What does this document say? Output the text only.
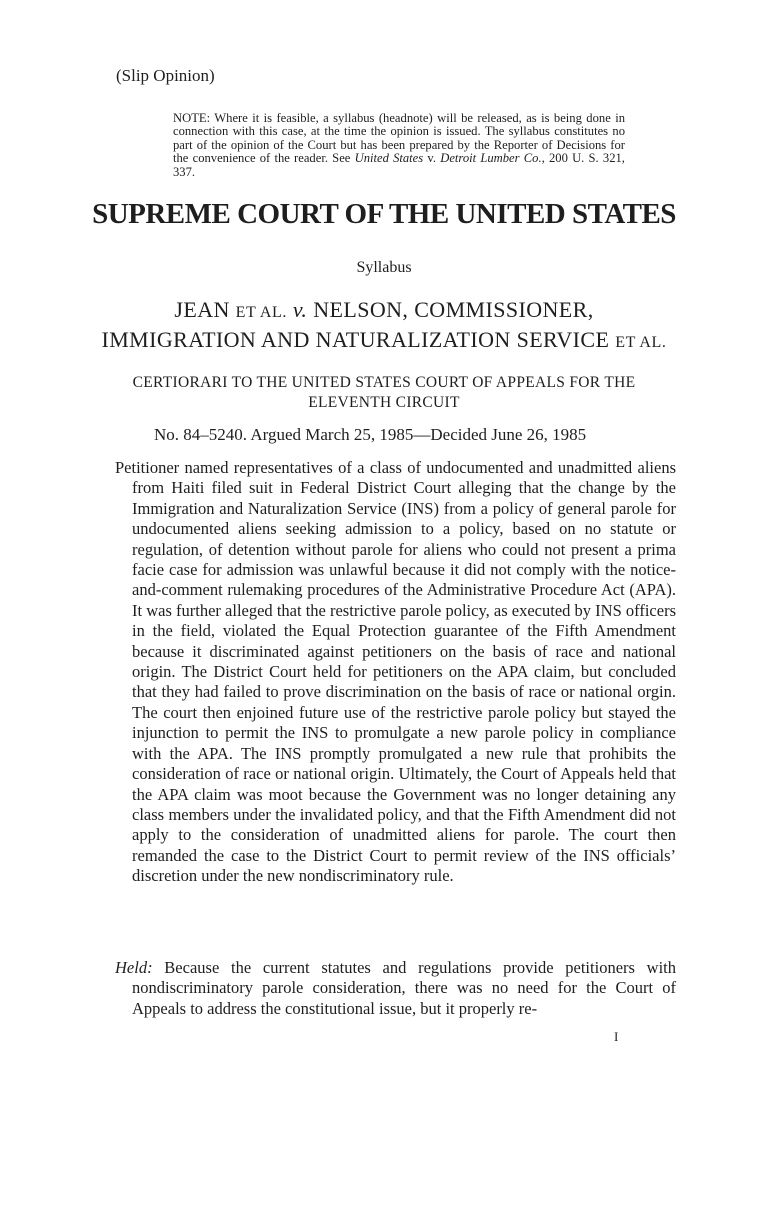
(Slip Opinion)
NOTE: Where it is feasible, a syllabus (headnote) will be released, as is being done in connection with this case, at the time the opinion is issued. The syllabus constitutes no part of the opinion of the Court but has been prepared by the Reporter of Decisions for the convenience of the reader. See United States v. Detroit Lumber Co., 200 U. S. 321, 337.
SUPREME COURT OF THE UNITED STATES
Syllabus
JEAN ET AL. v. NELSON, COMMISSIONER, IMMIGRATION AND NATURALIZATION SERVICE ET AL.
CERTIORARI TO THE UNITED STATES COURT OF APPEALS FOR THE ELEVENTH CIRCUIT
No. 84–5240. Argued March 25, 1985—Decided June 26, 1985
Petitioner named representatives of a class of undocumented and unadmitted aliens from Haiti filed suit in Federal District Court alleging that the change by the Immigration and Naturalization Service (INS) from a policy of general parole for undocumented aliens seeking admission to a policy, based on no statute or regulation, of detention without parole for aliens who could not present a prima facie case for admission was unlawful because it did not comply with the notice-and-comment rulemaking procedures of the Administrative Procedure Act (APA). It was further alleged that the restrictive parole policy, as executed by INS officers in the field, violated the Equal Protection guarantee of the Fifth Amendment because it discriminated against petitioners on the basis of race and national origin. The District Court held for petitioners on the APA claim, but concluded that they had failed to prove discrimination on the basis of race or national orgin. The court then enjoined future use of the restrictive parole policy but stayed the injunction to permit the INS to promulgate a new parole policy in compliance with the APA. The INS promptly promulgated a new rule that prohibits the consideration of race or national origin. Ultimately, the Court of Appeals held that the APA claim was moot because the Government was no longer detaining any class members under the invalidated policy, and that the Fifth Amendment did not apply to the consideration of unadmitted aliens for parole. The court then remanded the case to the District Court to permit review of the INS officials’ discretion under the new nondiscriminatory rule.
Held: Because the current statutes and regulations provide petitioners with nondiscriminatory parole consideration, there was no need for the Court of Appeals to address the constitutional issue, but it properly re-
I
